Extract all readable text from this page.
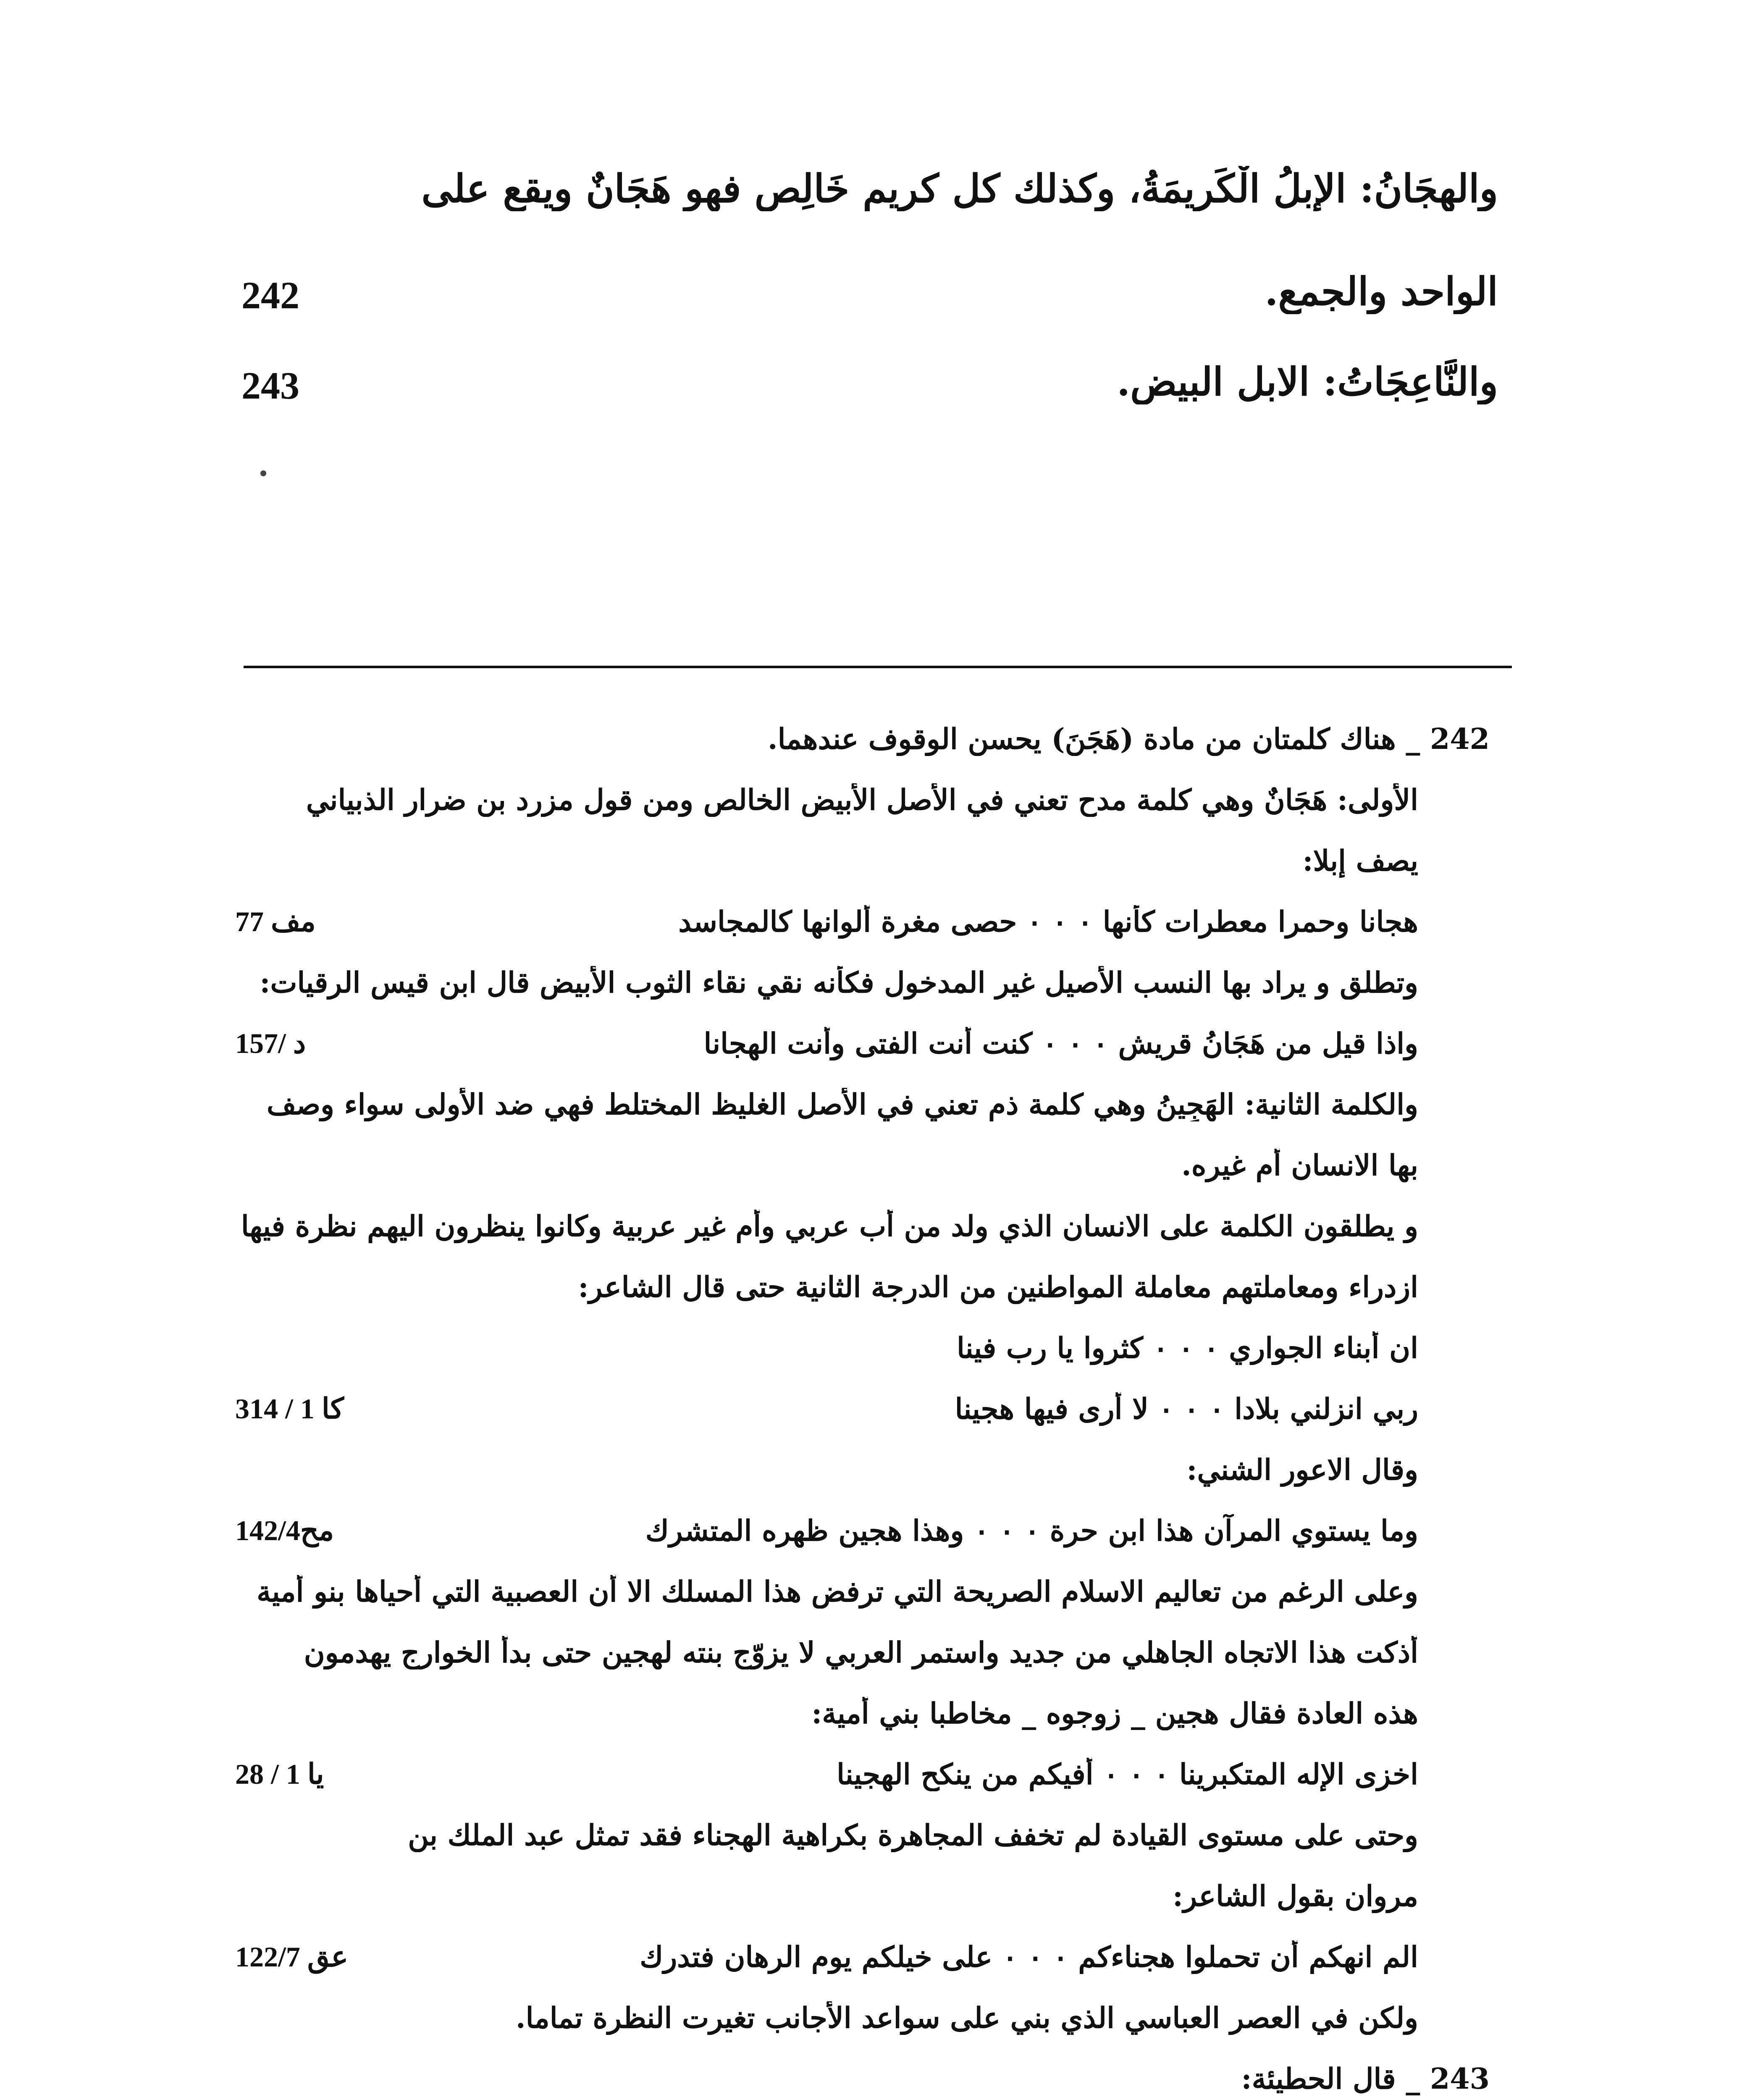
والهجَانُ: الإبلُ الْكَرِيمَةُ، وكذلك كل كريم خَالِصٍ فهو هَجَانٌ ويقع على
الواحد والجمع.
والنَّاعِجَاتُ: الابل البيض.
242
243
242 _ هناك كلمتان من مادة (هَجَنَ) يحسن الوقوف عندهما.
الأولى: هَجَانٌ وهي كلمة مدح تعني في الأصل الأبيض الخالص ومن قول مزرد بن ضرار الذبياني
يصف إبلا:
هجانا وحمرا معطرات كأنها ۰ ۰ ۰ حصى مغرة ألوانها كالمجاسد
وتطلق و يراد بها النسب الأصيل غير المدخول فكأنه نقي نقاء الثوب الأبيض قال ابن قيس الرقيات:
واذا قيل من هَجَانُ قريش ۰ ۰ ۰ كنت أنت الفتى وأنت الهجانا
والكلمة الثانية: الهَجِينُ وهي كلمة ذم تعني في الأصل الغليظ المختلط فهي ضد الأولى سواء وصف
بها الانسان أم غيره.
و يطلقون الكلمة على الانسان الذي ولد من أب عربي وأم غير عربية وكانوا ينظرون اليهم نظرة فيها
ازدراء ومعاملتهم معاملة المواطنين من الدرجة الثانية حتى قال الشاعر:
ان أبناء الجواري ۰ ۰ ۰ كثروا يا رب فينا
ربي انزلني بلادا ۰ ۰ ۰ لا أرى فيها هجينا
وقال الاعور الشني:
وما يستوي المرآن هذا ابن حرة ۰ ۰ ۰ وهذا هجين ظهره المتشرك
وعلى الرغم من تعاليم الاسلام الصريحة التي ترفض هذا المسلك الا أن العصبية التي أحياها بنو أمية
أذكت هذا الاتجاه الجاهلي من جديد واستمر العربي لا يزوّج بنته لهجين حتى بدأ الخوارج يهدمون
هذه العادة فقال هجين _ زوجوه _ مخاطبا بني أمية:
اخزى الإله المتكبرينا ۰ ۰ ۰ أفيكم من ينكح الهجينا
وحتى على مستوى القيادة لم تخفف المجاهرة بكراهية الهجناء فقد تمثل عبد الملك بن
مروان بقول الشاعر:
الم انهكم أن تحملوا هجناءكم ۰ ۰ ۰ على خيلكم يوم الرهان فتدرك
ولكن في العصر العباسي الذي بني على سواعد الأجانب تغيرت النظرة تماما.
243 _ قال الحطيئة:
مف 77
157/ د
314 / 1 كا
142/4مح
28 / 1 يا
122/7 عق
